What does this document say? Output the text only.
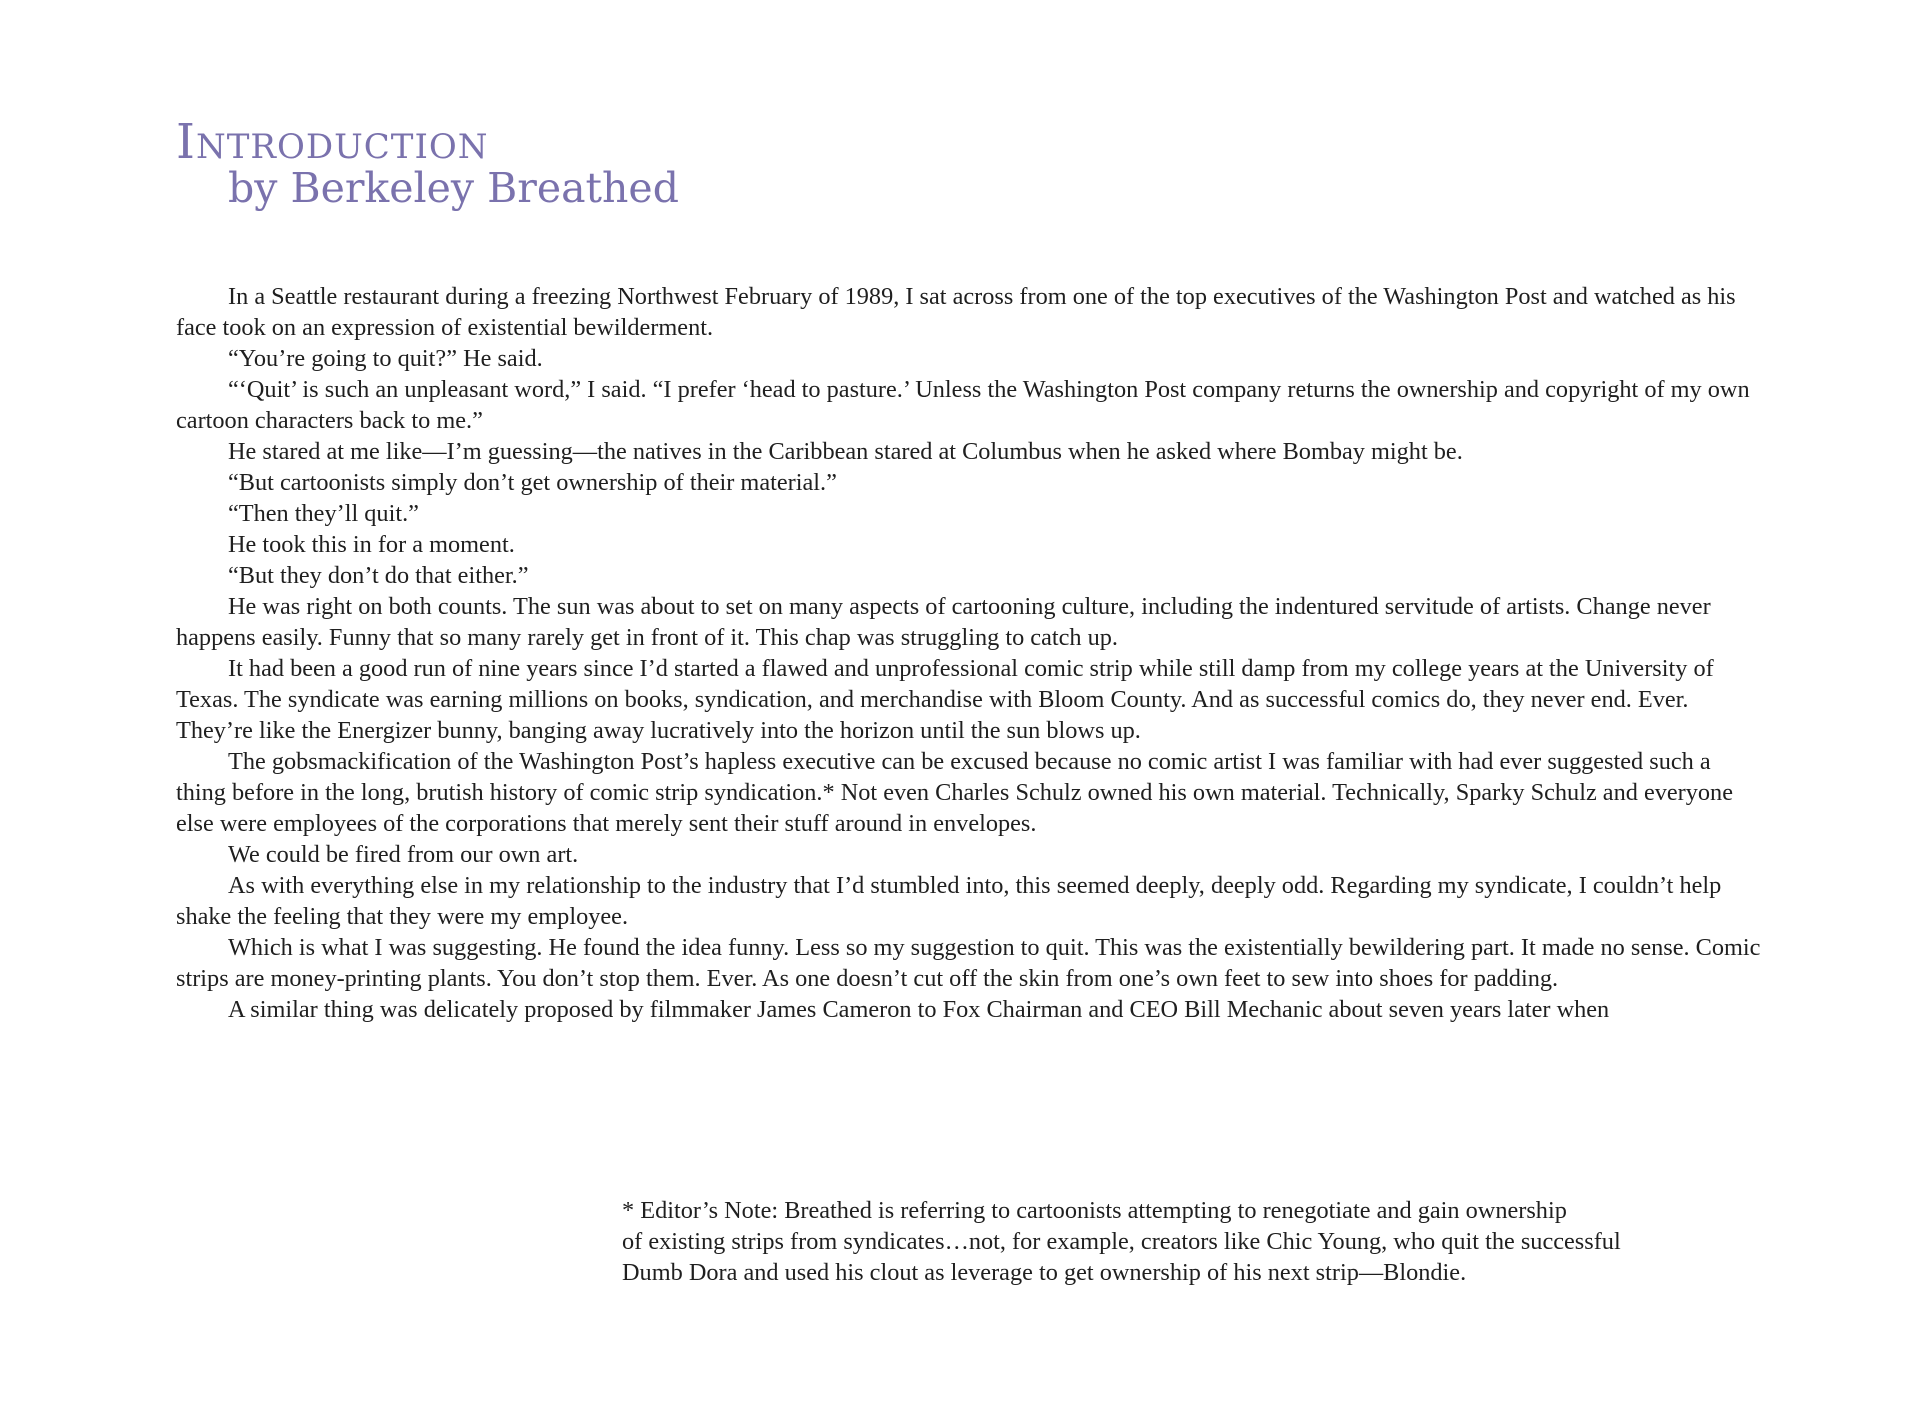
Introduction
by Berkeley Breathed

In a Seattle restaurant during a freezing Northwest February of 1989, I sat across from one of the top executives of the Washington Post and watched as his face took on an expression of existential bewilderment.

“You’re going to quit?” He said.

“‘Quit’ is such an unpleasant word,” I said. “I prefer ‘head to pasture.’ Unless the Washington Post company returns the ownership and copyright of my own cartoon characters back to me.”

He stared at me like—I’m guessing—the natives in the Caribbean stared at Columbus when he asked where Bombay might be.

“But cartoonists simply don’t get ownership of their material.”

“Then they’ll quit.”

He took this in for a moment.

“But they don’t do that either.”

He was right on both counts. The sun was about to set on many aspects of cartooning culture, including the indentured servitude of artists. Change never happens easily. Funny that so many rarely get in front of it. This chap was struggling to catch up.

It had been a good run of nine years since I’d started a flawed and unprofessional comic strip while still damp from my college years at the University of Texas. The syndicate was earning millions on books, syndication, and merchandise with Bloom County. And as successful comics do, they never end. Ever. They’re like the Energizer bunny, banging away lucratively into the horizon until the sun blows up.

The gobsmackification of the Washington Post’s hapless executive can be excused because no comic artist I was familiar with had ever suggested such a thing before in the long, brutish history of comic strip syndication.* Not even Charles Schulz owned his own material. Technically, Sparky Schulz and everyone else were employees of the corporations that merely sent their stuff around in envelopes.

We could be fired from our own art.

As with everything else in my relationship to the industry that I’d stumbled into, this seemed deeply, deeply odd. Regarding my syndicate, I couldn’t help shake the feeling that they were my employee.

Which is what I was suggesting. He found the idea funny. Less so my suggestion to quit. This was the existentially bewildering part. It made no sense. Comic strips are money-printing plants. You don’t stop them. Ever. As one doesn’t cut off the skin from one’s own feet to sew into shoes for padding.

A similar thing was delicately proposed by filmmaker James Cameron to Fox Chairman and CEO Bill Mechanic about seven years later when

* Editor’s Note: Breathed is referring to cartoonists attempting to renegotiate and gain ownership
of existing strips from syndicates…not, for example, creators like Chic Young, who quit the successful
Dumb Dora and used his clout as leverage to get ownership of his next strip—Blondie.
